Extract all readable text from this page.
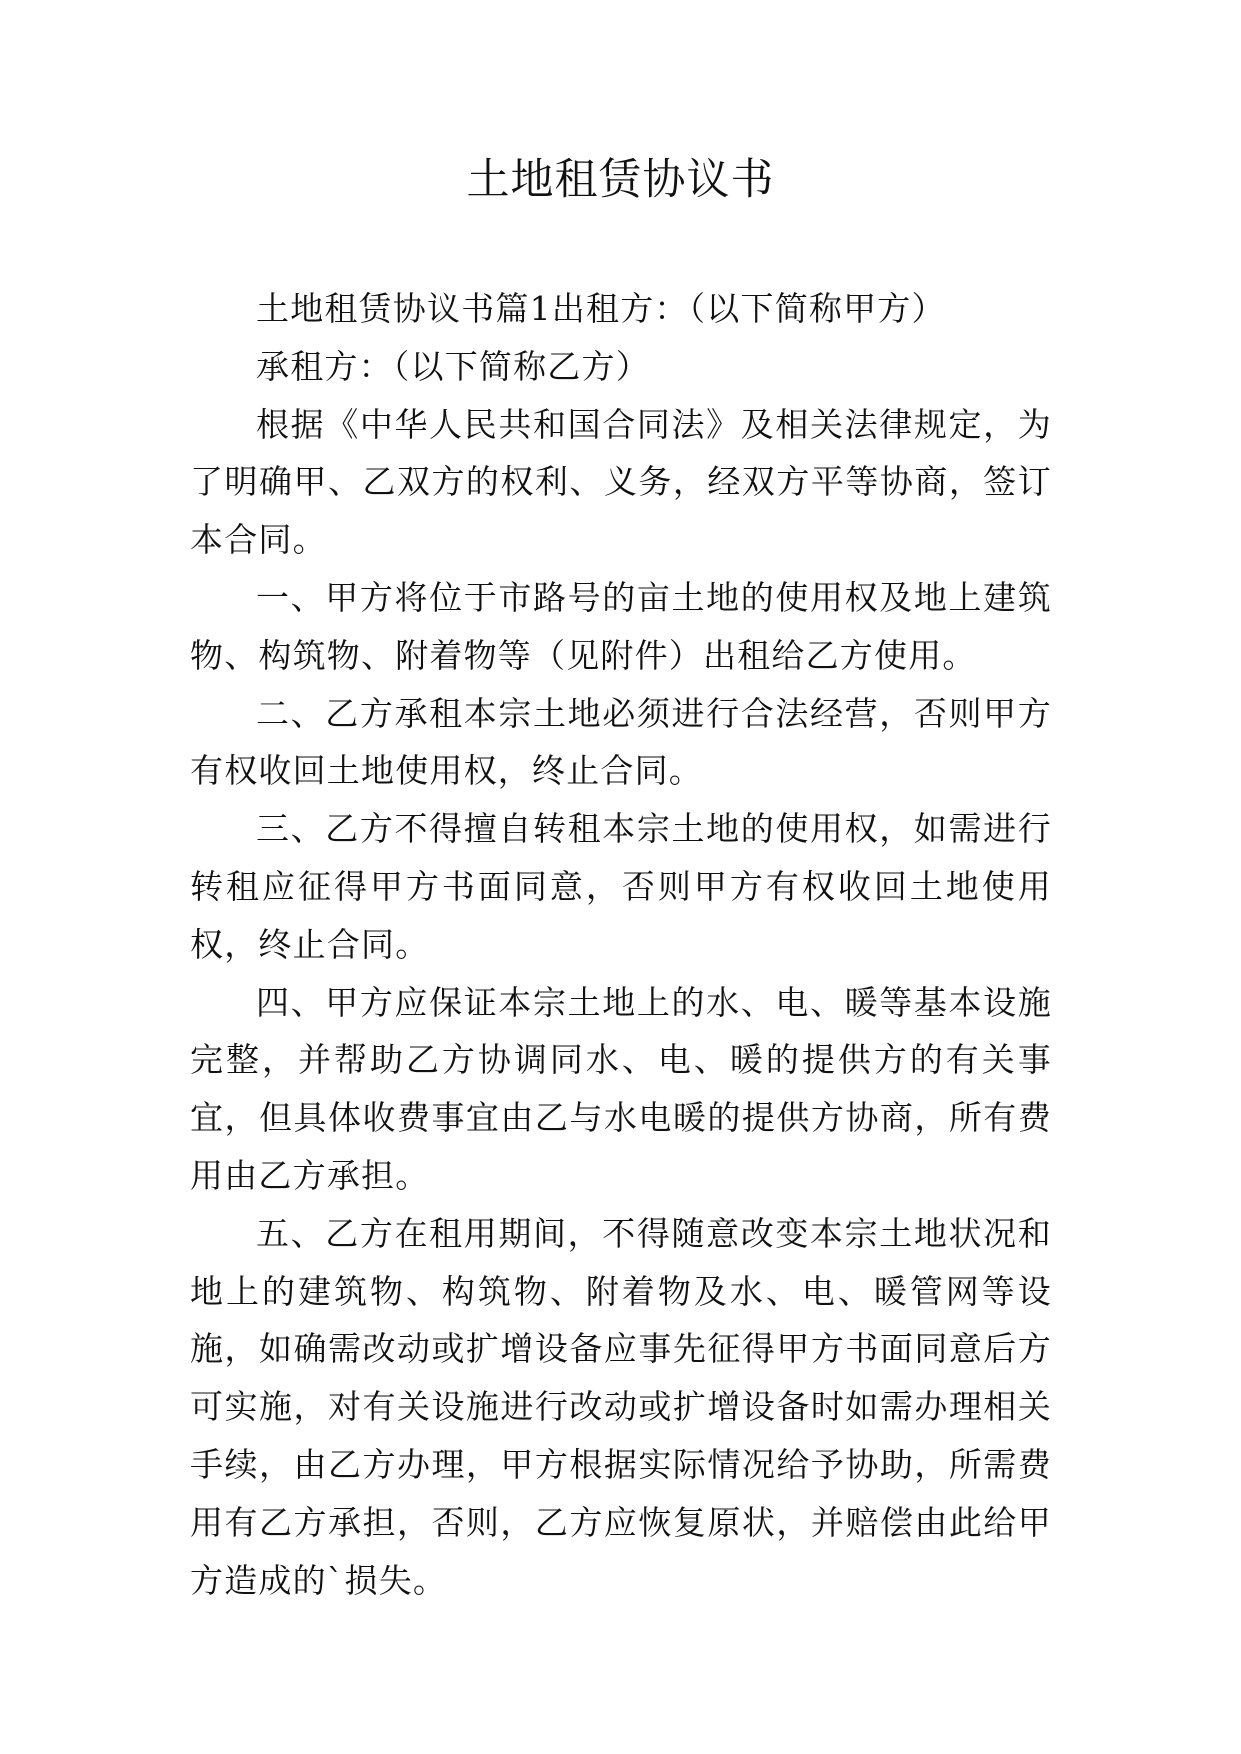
土地租赁协议书

土地租赁协议书篇1出租方：（以下简称甲方）

承租方：（以下简称乙方）

根据《中华人民共和国合同法》及相关法律规定，为了明确甲、乙双方的权利、义务，经双方平等协商，签订本合同。

一、甲方将位于市路号的亩土地的使用权及地上建筑物、构筑物、附着物等（见附件）出租给乙方使用。

二、乙方承租本宗土地必须进行合法经营，否则甲方有权收回土地使用权，终止合同。

三、乙方不得擅自转租本宗土地的使用权，如需进行转租应征得甲方书面同意，否则甲方有权收回土地使用权，终止合同。

四、甲方应保证本宗土地上的水、电、暖等基本设施完整，并帮助乙方协调同水、电、暖的提供方的有关事宜，但具体收费事宜由乙与水电暖的提供方协商，所有费用由乙方承担。

五、乙方在租用期间，不得随意改变本宗土地状况和地上的建筑物、构筑物、附着物及水、电、暖管网等设施，如确需改动或扩增设备应事先征得甲方书面同意后方可实施，对有关设施进行改动或扩增设备时如需办理相关手续，由乙方办理，甲方根据实际情况给予协助，所需费用有乙方承担，否则，乙方应恢复原状，并赔偿由此给甲方造成的`损失。
